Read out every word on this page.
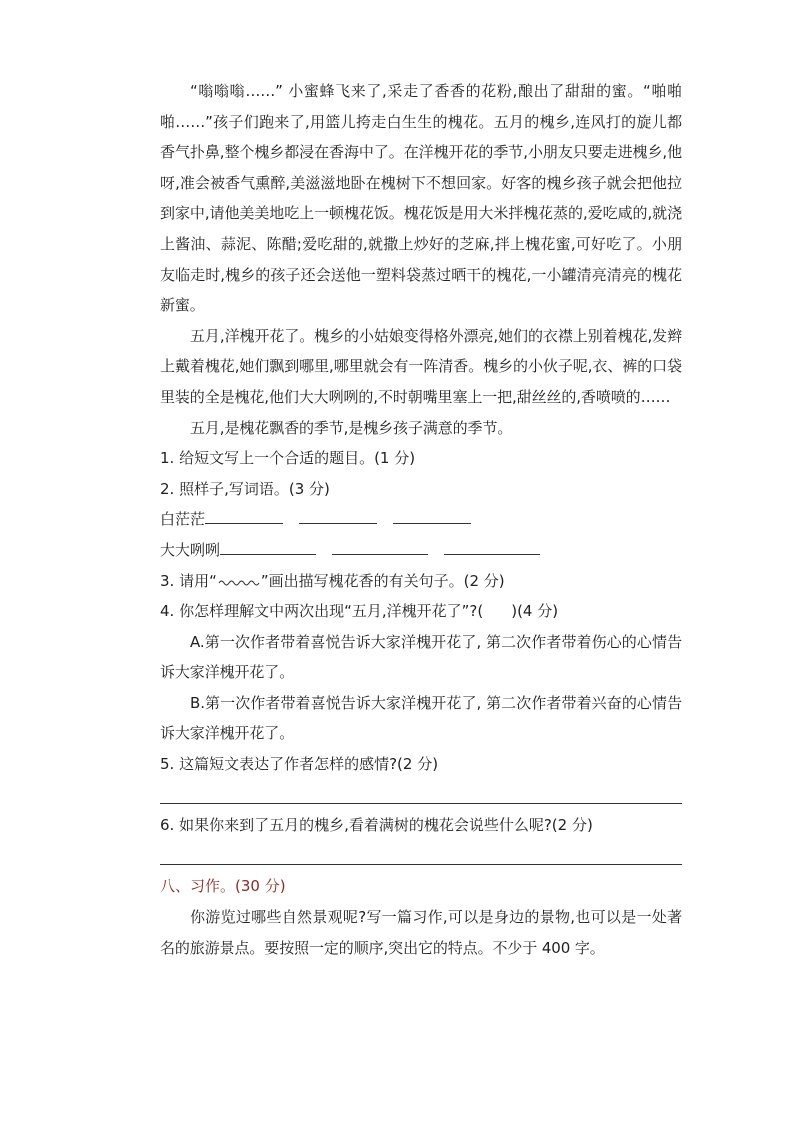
“嗡嗡嗡……” 小蜜蜂飞来了,采走了香香的花粉,酿出了甜甜的蜜。“啪啪啪……”孩子们跑来了,用篮儿挎走白生生的槐花。五月的槐乡,连风打的旋儿都香气扑鼻,整个槐乡都浸在香海中了。在洋槐开花的季节,小朋友只要走进槐乡,他呀,准会被香气熏醉,美滋滋地卧在槐树下不想回家。好客的槐乡孩子就会把他拉到家中,请他美美地吃上一顿槐花饭。槐花饭是用大米拌槐花蒸的,爱吃咸的,就浇上酱油、蒜泥、陈醋;爱吃甜的,就撒上炒好的芝麻,拌上槐花蜜,可好吃了。小朋友临走时,槐乡的孩子还会送他一塑料袋蒸过晒干的槐花,一小罐清亮清亮的槐花新蜜。

五月,洋槐开花了。槐乡的小姑娘变得格外漂亮,她们的衣襟上别着槐花,发辫上戴着槐花,她们飘到哪里,哪里就会有一阵清香。槐乡的小伙子呢,衣、裤的口袋里装的全是槐花,他们大大咧咧的,不时朝嘴里塞上一把,甜丝丝的,香喷喷的……

五月,是槐花飘香的季节,是槐乡孩子满意的季节。

1. 给短文写上一个合适的题目。(1 分)

2. 照样子,写词语。(3 分)

白茫茫
大大咧咧
3. 请用“	”画出描写槐花香的有关句子。(2 分)
4. 你怎样理解文中两次出现“五月,洋槐开花了”?( )(4 分)

A.第一次作者带着喜悦告诉大家洋槐开花了, 第二次作者带着伤心的心情告诉大家洋槐开花了。

B.第一次作者带着喜悦告诉大家洋槐开花了, 第二次作者带着兴奋的心情告诉大家洋槐开花了。

5. 这篇短文表达了作者怎样的感情?(2 分)

6. 如果你来到了五月的槐乡,看着满树的槐花会说些什么呢?(2 分)

八、习作。(30 分)

你游览过哪些自然景观呢?写一篇习作,可以是身边的景物,也可以是一处著名的旅游景点。要按照一定的顺序,突出它的特点。不少于 400 字。
